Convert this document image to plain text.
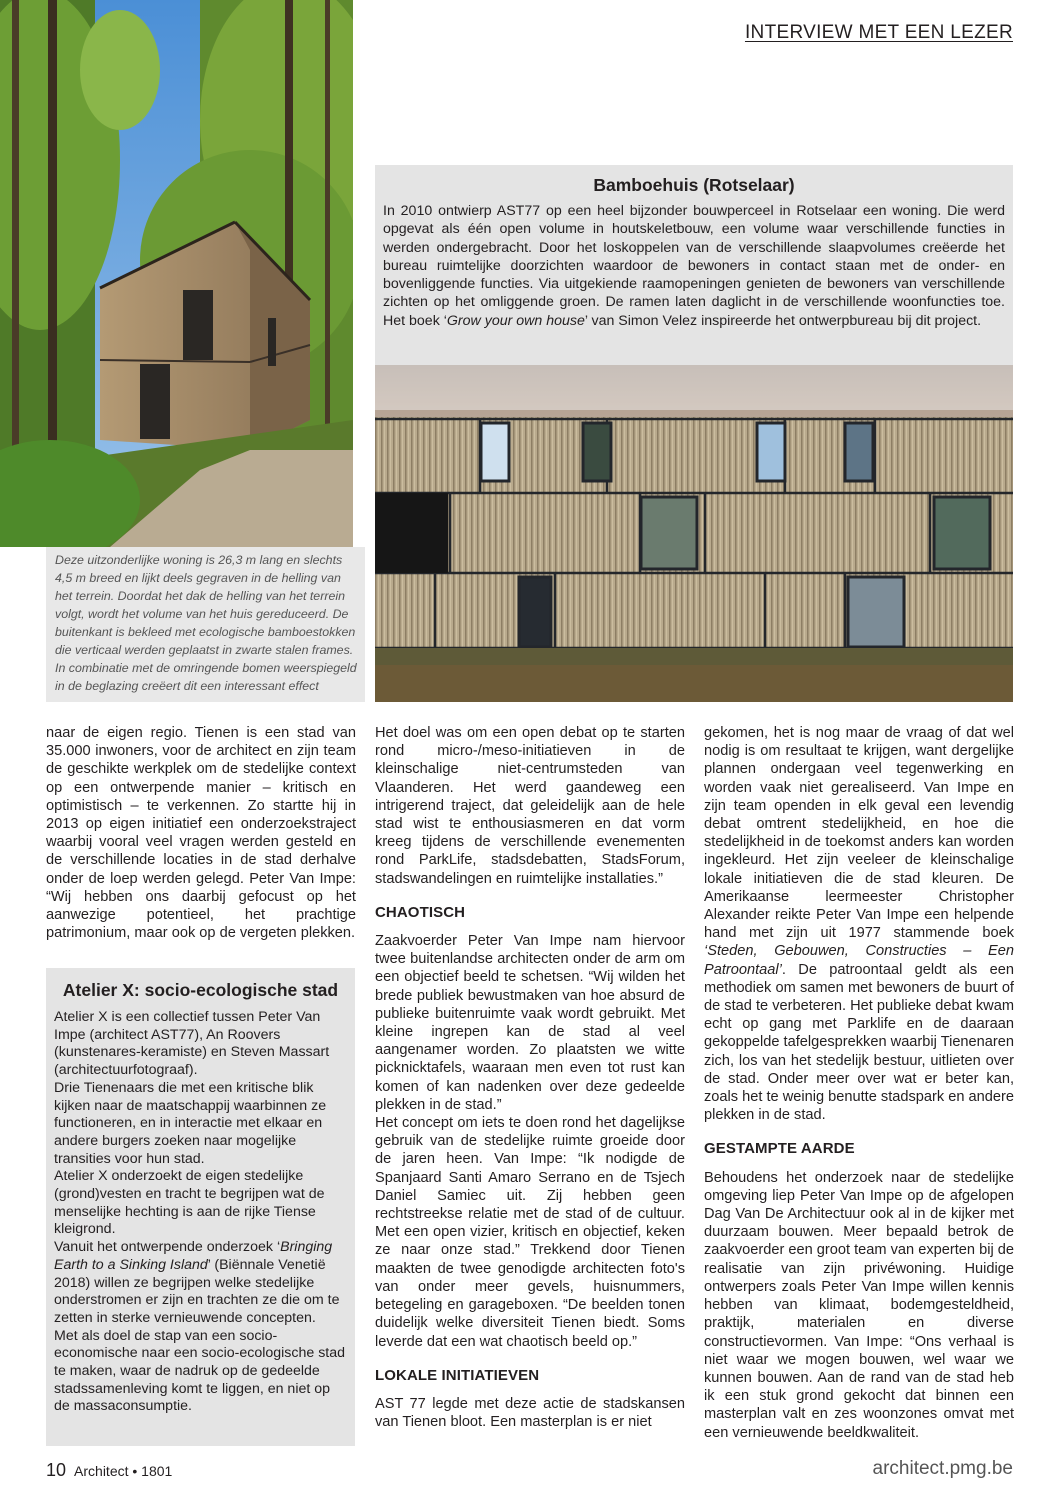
INTERVIEW MET EEN LEZER
Bamboehuis (Rotselaar)

In 2010 ontwierp AST77 op een heel bijzonder bouwperceel in Rotselaar een woning. Die werd opgevat als één open volume in houtskeletbouw, een volume waar verschillende functies in werden ondergebracht. Door het loskoppelen van de verschillende slaapvolumes creëerde het bureau ruimtelijke doorzichten waardoor de bewoners in contact staan met de onder- en bovenliggende functies. Via uitgekiende raamopeningen genieten de bewoners van verschillende zichten op het omliggende groen. De ramen laten daglicht in de verschillende woonfuncties toe. Het boek ‘Grow your own house’ van Simon Velez inspireerde het ontwerpbureau bij dit project.

Deze uitzonderlijke woning is 26,3 m lang en slechts 4,5 m breed en lijkt deels gegraven in de helling van het terrein. Doordat het dak de helling van het terrein volgt, wordt het volume van het huis gereduceerd. De buitenkant is bekleed met ecologische bamboestokken die verticaal werden geplaatst in zwarte stalen frames. In combinatie met de omringende bomen weerspiegeld in de beglazing creëert dit een interessant effect

naar de eigen regio. Tienen is een stad van 35.000 inwoners, voor de architect en zijn team de geschikte werkplek om de stedelijke context op een ontwerpende manier – kritisch en optimistisch – te verkennen. Zo startte hij in 2013 op eigen initiatief een onderzoekstraject waarbij vooral veel vragen werden gesteld en de verschillende locaties in de stad derhalve onder de loep werden gelegd. Peter Van Impe: “Wij hebben ons daarbij gefocust op het aanwezige potentieel, het prachtige patrimonium, maar ook op de vergeten plekken.

Atelier X: socio-ecologische stad

Atelier X is een collectief tussen Peter Van Impe (architect AST77), An Roovers (kunstenares-keramiste) en Steven Massart (architectuurfotograaf).

Drie Tienenaars die met een kritische blik kijken naar de maatschappij waarbinnen ze functioneren, en in interactie met elkaar en andere burgers zoeken naar mogelijke transities voor hun stad.

Atelier X onderzoekt de eigen stedelijke (grond)vesten en tracht te begrijpen wat de menselijke hechting is aan de rijke Tiense kleigrond.

Vanuit het ontwerpende onderzoek ‘Bringing Earth to a Sinking Island’ (Biënnale Venetië 2018) willen ze begrijpen welke stedelijke onderstromen er zijn en trachten ze die om te zetten in sterke vernieuwende concepten.

Met als doel de stap van een socio-economische naar een socio-ecologische stad te maken, waar de nadruk op de gedeelde stadssamenleving komt te liggen, en niet op de massaconsumptie.

Het doel was om een open debat op te starten rond micro-/meso-initiatieven in de kleinschalige niet-centrumsteden van Vlaanderen. Het werd gaandeweg een intrigerend traject, dat geleidelijk aan de hele stad wist te enthousiasmeren en dat vorm kreeg tijdens de verschillende evenementen rond ParkLife, stadsdebatten, StadsForum, stadswandelingen en ruimtelijke installaties.”

CHAOTISCH

Zaakvoerder Peter Van Impe nam hiervoor twee buitenlandse architecten onder de arm om een objectief beeld te schetsen. “Wij wilden het brede publiek bewustmaken van hoe absurd de publieke buitenruimte vaak wordt gebruikt. Met kleine ingrepen kan de stad al veel aangenamer worden. Zo plaatsten we witte picknicktafels, waaraan men even tot rust kan komen of kan nadenken over deze gedeelde plekken in de stad.”

Het concept om iets te doen rond het dagelijkse gebruik van de stedelijke ruimte groeide door de jaren heen. Van Impe: “Ik nodigde de Spanjaard Santi Amaro Serrano en de Tsjech Daniel Samiec uit. Zij hebben geen rechtstreekse relatie met de stad of de cultuur. Met een open vizier, kritisch en objectief, keken ze naar onze stad.” Trekkend door Tienen maakten de twee genodigde architecten foto's van onder meer gevels, huisnummers, betegeling en garageboxen. “De beelden tonen duidelijk welke diversiteit Tienen biedt. Soms leverde dat een wat chaotisch beeld op.”

LOKALE INITIATIEVEN

AST 77 legde met deze actie de stadskansen van Tienen bloot. Een masterplan is er niet

gekomen, het is nog maar de vraag of dat wel nodig is om resultaat te krijgen, want dergelijke plannen ondergaan veel tegenwerking en worden vaak niet gerealiseerd. Van Impe en zijn team openden in elk geval een levendig debat omtrent stedelijkheid, en hoe die stedelijkheid in de toekomst anders kan worden ingekleurd. Het zijn veeleer de kleinschalige lokale initiatieven die de stad kleuren. De Amerikaanse leermeester Christopher Alexander reikte Peter Van Impe een helpende hand met zijn uit 1977 stammende boek ‘Steden, Gebouwen, Constructies – Een Patroontaal’. De patroontaal geldt als een methodiek om samen met bewoners de buurt of de stad te verbeteren. Het publieke debat kwam echt op gang met Parklife en de daaraan gekoppelde tafelgesprekken waarbij Tienenaren zich, los van het stedelijk bestuur, uitlieten over de stad. Onder meer over wat er beter kan, zoals het te weinig benutte stadspark en andere plekken in de stad.

GESTAMPTE AARDE

Behoudens het onderzoek naar de stedelijke omgeving liep Peter Van Impe op de afgelopen Dag Van De Architectuur ook al in de kijker met duurzaam bouwen. Meer bepaald betrok de zaakvoerder een groot team van experten bij de realisatie van zijn privéwoning. Huidige ontwerpers zoals Peter Van Impe willen kennis hebben van klimaat, bodemgesteldheid, praktijk, materialen en diverse constructievormen. Van Impe: “Ons verhaal is niet waar we mogen bouwen, wel waar we kunnen bouwen. Aan de rand van de stad heb ik een stuk grond gekocht dat binnen een masterplan valt en zes woonzones omvat met een vernieuwende beeldkwaliteit.

10 Architect • 1801	architect.pmg.be
